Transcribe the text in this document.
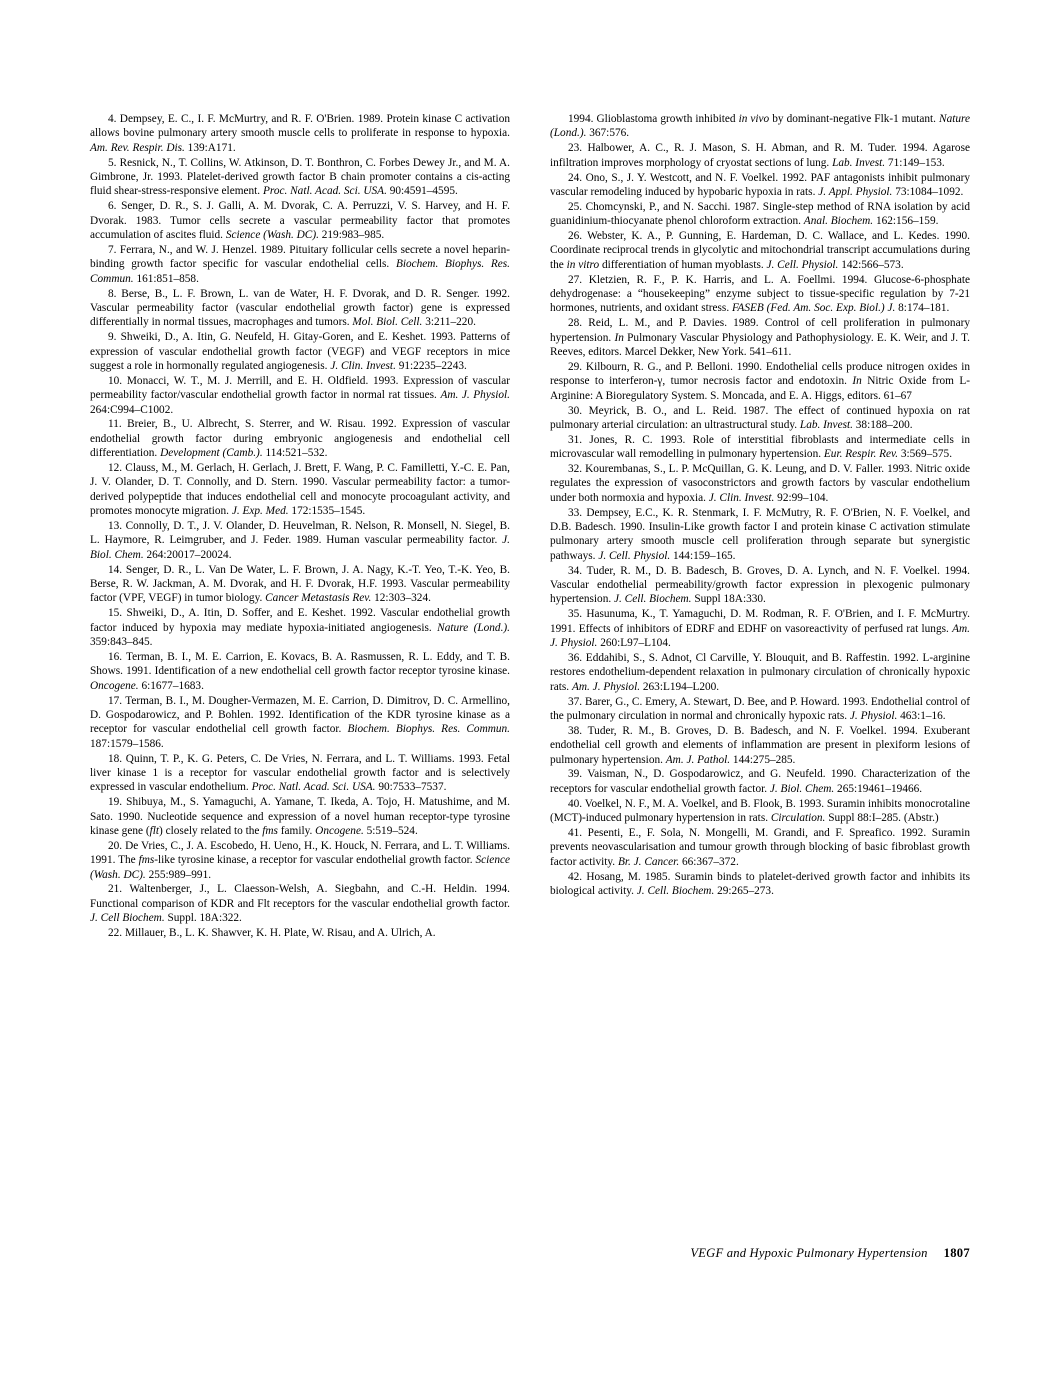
4. Dempsey, E. C., I. F. McMurtry, and R. F. O'Brien. 1989. Protein kinase C activation allows bovine pulmonary artery smooth muscle cells to proliferate in response to hypoxia. Am. Rev. Respir. Dis. 139:A171.

5. Resnick, N., T. Collins, W. Atkinson, D. T. Bonthron, C. Forbes Dewey Jr., and M. A. Gimbrone, Jr. 1993. Platelet-derived growth factor B chain promoter contains a cis-acting fluid shear-stress-responsive element. Proc. Natl. Acad. Sci. USA. 90:4591–4595.

6. Senger, D. R., S. J. Galli, A. M. Dvorak, C. A. Perruzzi, V. S. Harvey, and H. F. Dvorak. 1983. Tumor cells secrete a vascular permeability factor that promotes accumulation of ascites fluid. Science (Wash. DC). 219:983–985.

7. Ferrara, N., and W. J. Henzel. 1989. Pituitary follicular cells secrete a novel heparin-binding growth factor specific for vascular endothelial cells. Biochem. Biophys. Res. Commun. 161:851–858.

8. Berse, B., L. F. Brown, L. van de Water, H. F. Dvorak, and D. R. Senger. 1992. Vascular permeability factor (vascular endothelial growth factor) gene is expressed differentially in normal tissues, macrophages and tumors. Mol. Biol. Cell. 3:211–220.

9. Shweiki, D., A. Itin, G. Neufeld, H. Gitay-Goren, and E. Keshet. 1993. Patterns of expression of vascular endothelial growth factor (VEGF) and VEGF receptors in mice suggest a role in hormonally regulated angiogenesis. J. Clin. Invest. 91:2235–2243.

10. Monacci, W. T., M. J. Merrill, and E. H. Oldfield. 1993. Expression of vascular permeability factor/vascular endothelial growth factor in normal rat tissues. Am. J. Physiol. 264:C994–C1002.

11. Breier, B., U. Albrecht, S. Sterrer, and W. Risau. 1992. Expression of vascular endothelial growth factor during embryonic angiogenesis and endothelial cell differentiation. Development (Camb.). 114:521–532.

12. Clauss, M., M. Gerlach, H. Gerlach, J. Brett, F. Wang, P. C. Familletti, Y.-C. E. Pan, J. V. Olander, D. T. Connolly, and D. Stern. 1990. Vascular permeability factor: a tumor-derived polypeptide that induces endothelial cell and monocyte procoagulant activity, and promotes monocyte migration. J. Exp. Med. 172:1535–1545.

13. Connolly, D. T., J. V. Olander, D. Heuvelman, R. Nelson, R. Monsell, N. Siegel, B. L. Haymore, R. Leimgruber, and J. Feder. 1989. Human vascular permeability factor. J. Biol. Chem. 264:20017–20024.

14. Senger, D. R., L. Van De Water, L. F. Brown, J. A. Nagy, K.-T. Yeo, T.-K. Yeo, B. Berse, R. W. Jackman, A. M. Dvorak, and H. F. Dvorak, H.F. 1993. Vascular permeability factor (VPF, VEGF) in tumor biology. Cancer Metastasis Rev. 12:303–324.

15. Shweiki, D., A. Itin, D. Soffer, and E. Keshet. 1992. Vascular endothelial growth factor induced by hypoxia may mediate hypoxia-initiated angiogenesis. Nature (Lond.). 359:843–845.

16. Terman, B. I., M. E. Carrion, E. Kovacs, B. A. Rasmussen, R. L. Eddy, and T. B. Shows. 1991. Identification of a new endothelial cell growth factor receptor tyrosine kinase. Oncogene. 6:1677–1683.

17. Terman, B. I., M. Dougher-Vermazen, M. E. Carrion, D. Dimitrov, D. C. Armellino, D. Gospodarowicz, and P. Bohlen. 1992. Identification of the KDR tyrosine kinase as a receptor for vascular endothelial cell growth factor. Biochem. Biophys. Res. Commun. 187:1579–1586.

18. Quinn, T. P., K. G. Peters, C. De Vries, N. Ferrara, and L. T. Williams. 1993. Fetal liver kinase 1 is a receptor for vascular endothelial growth factor and is selectively expressed in vascular endothelium. Proc. Natl. Acad. Sci. USA. 90:7533–7537.

19. Shibuya, M., S. Yamaguchi, A. Yamane, T. Ikeda, A. Tojo, H. Matushime, and M. Sato. 1990. Nucleotide sequence and expression of a novel human receptor-type tyrosine kinase gene (flt) closely related to the fms family. Oncogene. 5:519–524.

20. De Vries, C., J. A. Escobedo, H. Ueno, H., K. Houck, N. Ferrara, and L. T. Williams. 1991. The fms-like tyrosine kinase, a receptor for vascular endothelial growth factor. Science (Wash. DC). 255:989–991.

21. Waltenberger, J., L. Claesson-Welsh, A. Siegbahn, and C.-H. Heldin. 1994. Functional comparison of KDR and Flt receptors for the vascular endothelial growth factor. J. Cell Biochem. Suppl. 18A:322.

22. Millauer, B., L. K. Shawver, K. H. Plate, W. Risau, and A. Ulrich, A.

1994. Glioblastoma growth inhibited in vivo by dominant-negative Flk-1 mutant. Nature (Lond.). 367:576.

23. Halbower, A. C., R. J. Mason, S. H. Abman, and R. M. Tuder. 1994. Agarose infiltration improves morphology of cryostat sections of lung. Lab. Invest. 71:149–153.

24. Ono, S., J. Y. Westcott, and N. F. Voelkel. 1992. PAF antagonists inhibit pulmonary vascular remodeling induced by hypobaric hypoxia in rats. J. Appl. Physiol. 73:1084–1092.

25. Chomcynski, P., and N. Sacchi. 1987. Single-step method of RNA isolation by acid guanidinium-thiocyanate phenol chloroform extraction. Anal. Biochem. 162:156–159.

26. Webster, K. A., P. Gunning, E. Hardeman, D. C. Wallace, and L. Kedes. 1990. Coordinate reciprocal trends in glycolytic and mitochondrial transcript accumulations during the in vitro differentiation of human myoblasts. J. Cell. Physiol. 142:566–573.

27. Kletzien, R. F., P. K. Harris, and L. A. Foellmi. 1994. Glucose-6-phosphate dehydrogenase: a “housekeeping” enzyme subject to tissue-specific regulation by 7-21 hormones, nutrients, and oxidant stress. FASEB (Fed. Am. Soc. Exp. Biol.) J. 8:174–181.

28. Reid, L. M., and P. Davies. 1989. Control of cell proliferation in pulmonary hypertension. In Pulmonary Vascular Physiology and Pathophysiology. E. K. Weir, and J. T. Reeves, editors. Marcel Dekker, New York. 541–611.

29. Kilbourn, R. G., and P. Belloni. 1990. Endothelial cells produce nitrogen oxides in response to interferon-γ, tumor necrosis factor and endotoxin. In Nitric Oxide from L-Arginine: A Bioregulatory System. S. Moncada, and E. A. Higgs, editors. 61–67

30. Meyrick, B. O., and L. Reid. 1987. The effect of continued hypoxia on rat pulmonary arterial circulation: an ultrastructural study. Lab. Invest. 38:188–200.

31. Jones, R. C. 1993. Role of interstitial fibroblasts and intermediate cells in microvascular wall remodelling in pulmonary hypertension. Eur. Respir. Rev. 3:569–575.

32. Kourembanas, S., L. P. McQuillan, G. K. Leung, and D. V. Faller. 1993. Nitric oxide regulates the expression of vasoconstrictors and growth factors by vascular endothelium under both normoxia and hypoxia. J. Clin. Invest. 92:99–104.

33. Dempsey, E.C., K. R. Stenmark, I. F. McMutry, R. F. O'Brien, N. F. Voelkel, and D.B. Badesch. 1990. Insulin-Like growth factor I and protein kinase C activation stimulate pulmonary artery smooth muscle cell proliferation through separate but synergistic pathways. J. Cell. Physiol. 144:159–165.

34. Tuder, R. M., D. B. Badesch, B. Groves, D. A. Lynch, and N. F. Voelkel. 1994. Vascular endothelial permeability/growth factor expression in plexogenic pulmonary hypertension. J. Cell. Biochem. Suppl 18A:330.

35. Hasunuma, K., T. Yamaguchi, D. M. Rodman, R. F. O'Brien, and I. F. McMurtry. 1991. Effects of inhibitors of EDRF and EDHF on vasoreactivity of perfused rat lungs. Am. J. Physiol. 260:L97–L104.

36. Eddahibi, S., S. Adnot, Cl Carville, Y. Blouquit, and B. Raffestin. 1992. L-arginine restores endothelium-dependent relaxation in pulmonary circulation of chronically hypoxic rats. Am. J. Physiol. 263:L194–L200.

37. Barer, G., C. Emery, A. Stewart, D. Bee, and P. Howard. 1993. Endothelial control of the pulmonary circulation in normal and chronically hypoxic rats. J. Physiol. 463:1–16.

38. Tuder, R. M., B. Groves, D. B. Badesch, and N. F. Voelkel. 1994. Exuberant endothelial cell growth and elements of inflammation are present in plexiform lesions of pulmonary hypertension. Am. J. Pathol. 144:275–285.

39. Vaisman, N., D. Gospodarowicz, and G. Neufeld. 1990. Characterization of the receptors for vascular endothelial growth factor. J. Biol. Chem. 265:19461–19466.

40. Voelkel, N. F., M. A. Voelkel, and B. Flook, B. 1993. Suramin inhibits monocrotaline (MCT)-induced pulmonary hypertension in rats. Circulation. Suppl 88:I–285. (Abstr.)

41. Pesenti, E., F. Sola, N. Mongelli, M. Grandi, and F. Spreafico. 1992. Suramin prevents neovascularisation and tumour growth through blocking of basic fibroblast growth factor activity. Br. J. Cancer. 66:367–372.

42. Hosang, M. 1985. Suramin binds to platelet-derived growth factor and inhibits its biological activity. J. Cell. Biochem. 29:265–273.

VEGF and Hypoxic Pulmonary Hypertension 1807
